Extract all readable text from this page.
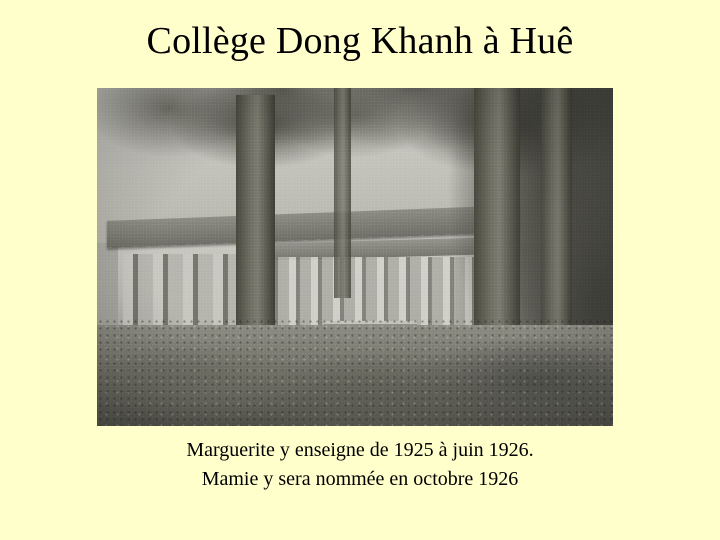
Collège Dong Khanh à Huê
Marguerite y enseigne de 1925 à juin 1926.
Mamie y sera nommée en octobre 1926
